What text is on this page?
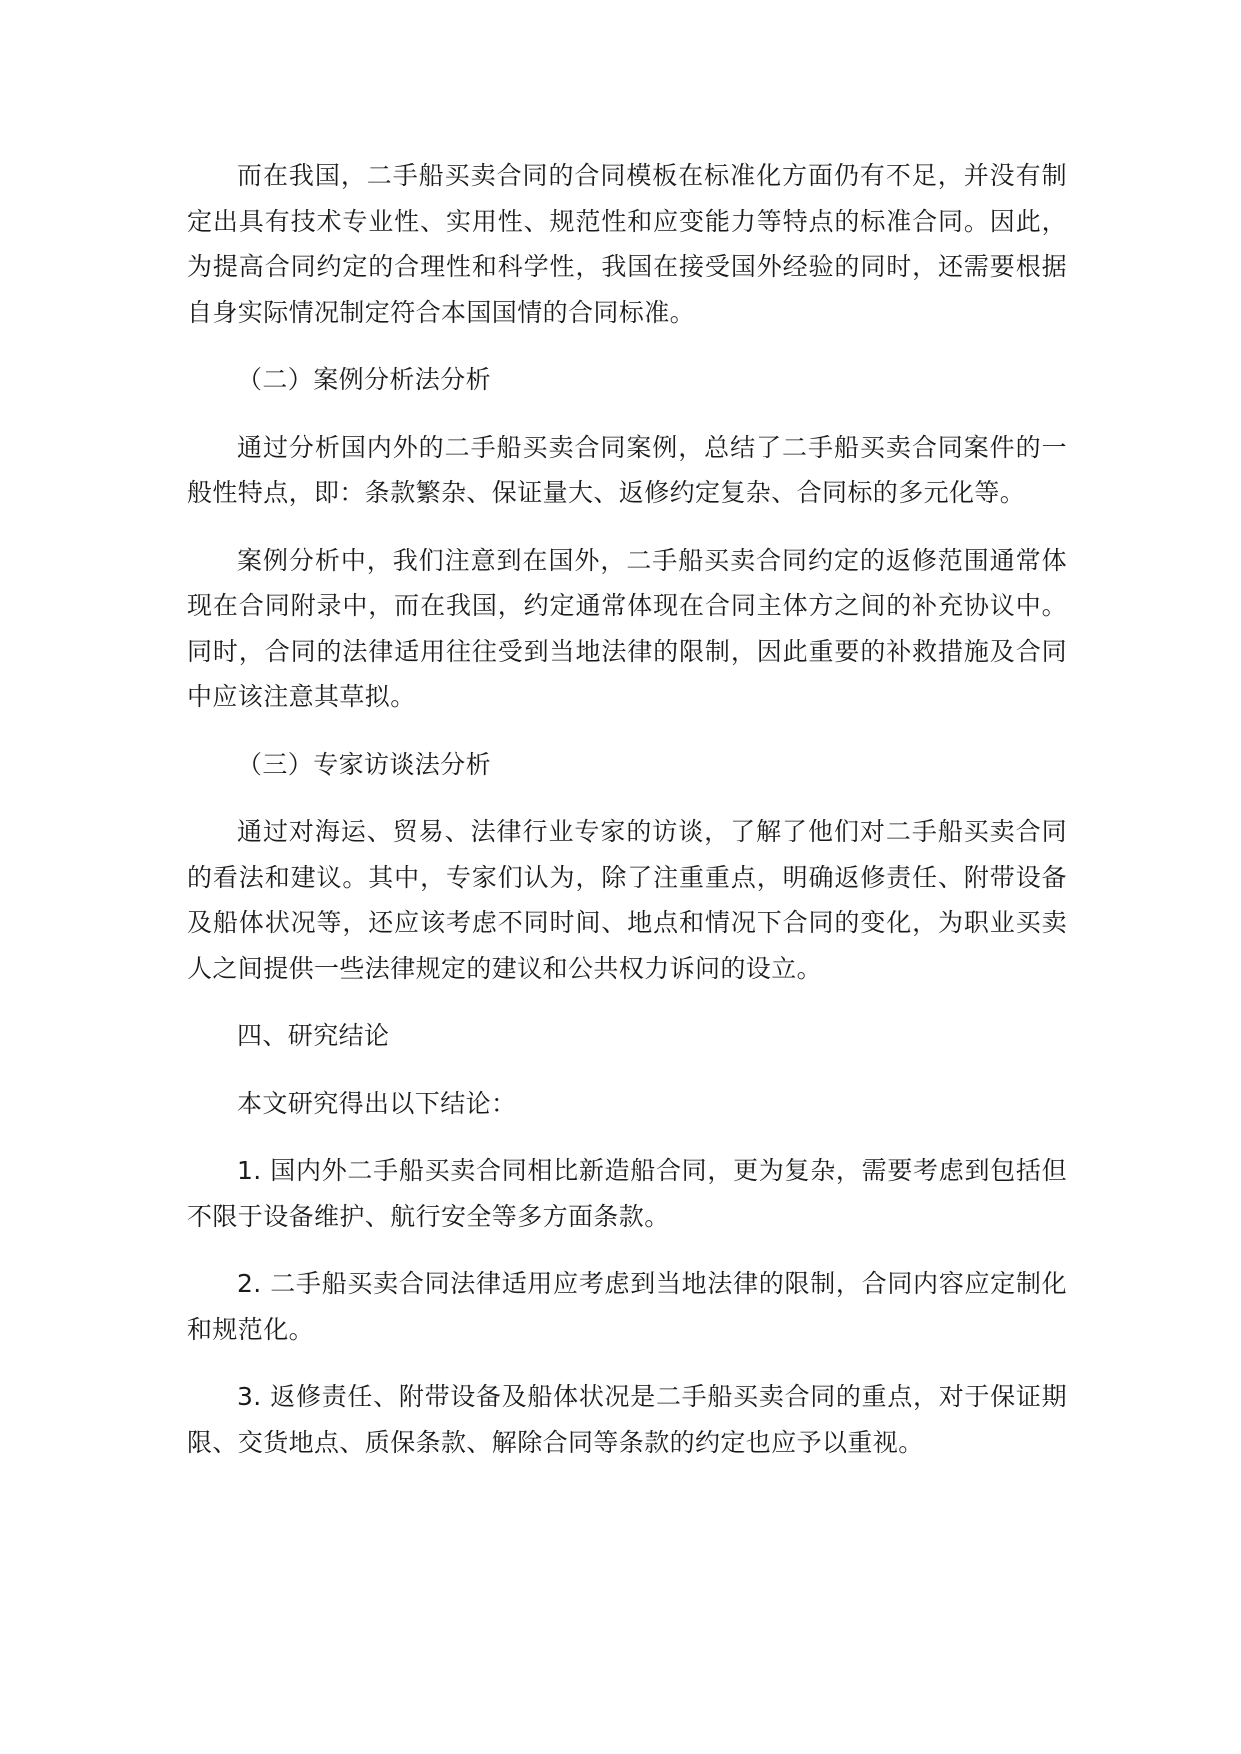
而在我国，二手船买卖合同的合同模板在标准化方面仍有不足，并没有制定出具有技术专业性、实用性、规范性和应变能力等特点的标准合同。因此，为提高合同约定的合理性和科学性，我国在接受国外经验的同时，还需要根据自身实际情况制定符合本国国情的合同标准。

（二）案例分析法分析

通过分析国内外的二手船买卖合同案例，总结了二手船买卖合同案件的一般性特点，即：条款繁杂、保证量大、返修约定复杂、合同标的多元化等。

案例分析中，我们注意到在国外，二手船买卖合同约定的返修范围通常体现在合同附录中，而在我国，约定通常体现在合同主体方之间的补充协议中。同时，合同的法律适用往往受到当地法律的限制，因此重要的补救措施及合同中应该注意其草拟。

（三）专家访谈法分析

通过对海运、贸易、法律行业专家的访谈，了解了他们对二手船买卖合同的看法和建议。其中，专家们认为，除了注重重点，明确返修责任、附带设备及船体状况等，还应该考虑不同时间、地点和情况下合同的变化，为职业买卖人之间提供一些法律规定的建议和公共权力诉问的设立。

四、研究结论

本文研究得出以下结论：

1. 国内外二手船买卖合同相比新造船合同，更为复杂，需要考虑到包括但不限于设备维护、航行安全等多方面条款。

2. 二手船买卖合同法律适用应考虑到当地法律的限制，合同内容应定制化和规范化。

3. 返修责任、附带设备及船体状况是二手船买卖合同的重点，对于保证期限、交货地点、质保条款、解除合同等条款的约定也应予以重视。
